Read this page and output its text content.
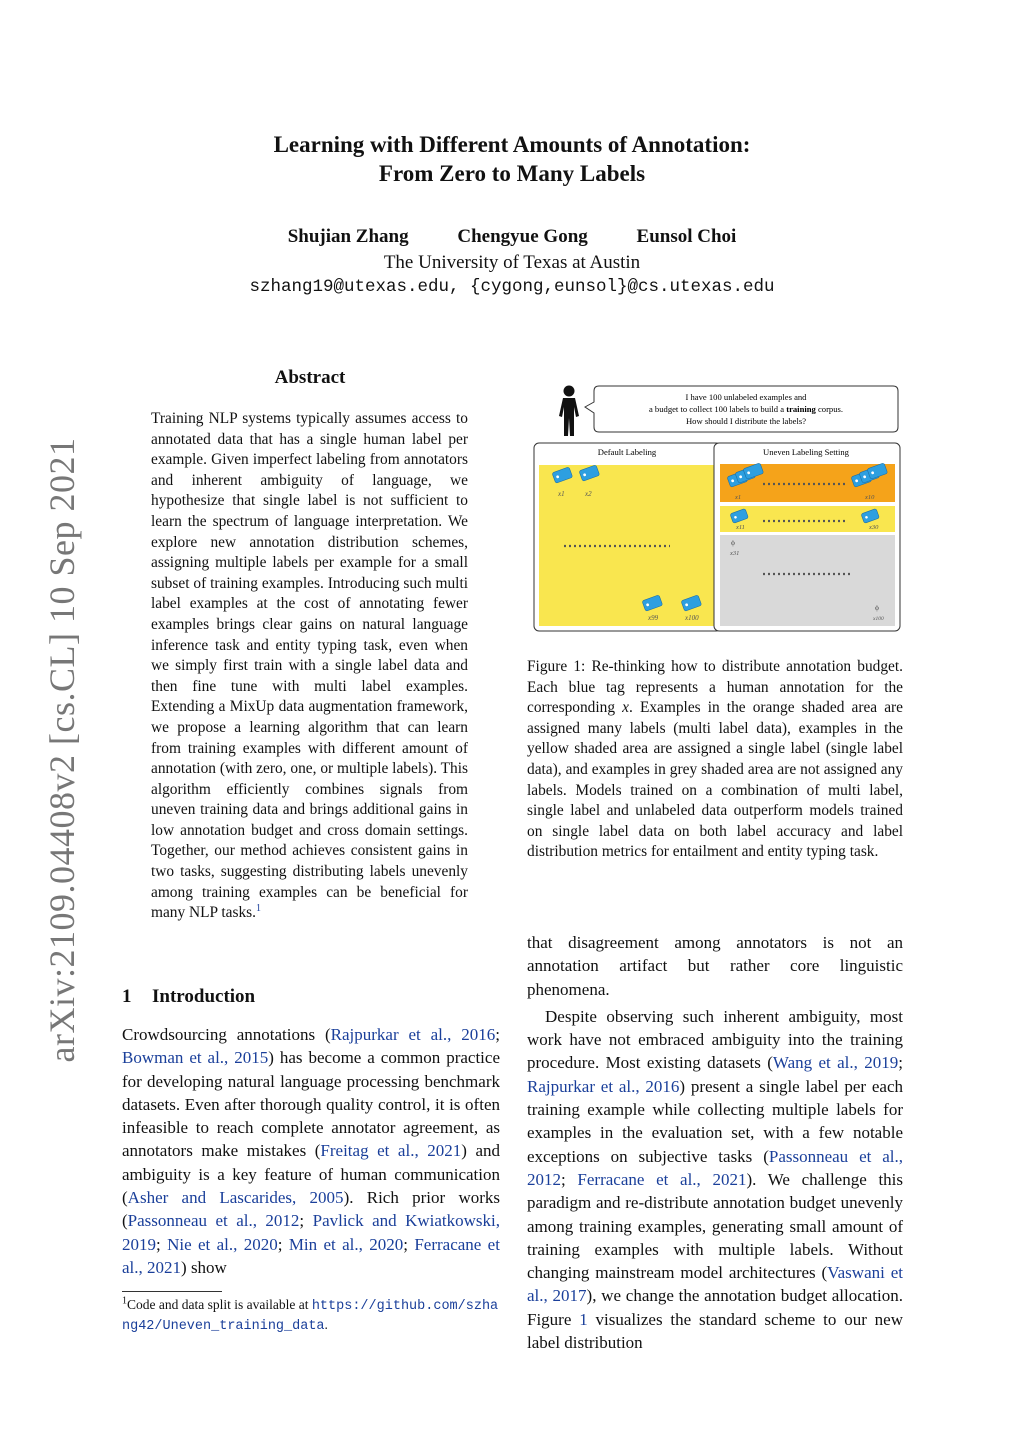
Learning with Different Amounts of Annotation:
From Zero to Many Labels
Shujian Zhang	Chengyue Gong	Eunsol Choi
The University of Texas at Austin
szhang19@utexas.edu, {cygong,eunsol}@cs.utexas.edu
arXiv:2109.04408v2 [cs.CL] 10 Sep 2021
Abstract
Training NLP systems typically assumes access to annotated data that has a single human label per example. Given imperfect labeling from annotators and inherent ambiguity of language, we hypothesize that single label is not sufficient to learn the spectrum of language interpretation. We explore new annotation distribution schemes, assigning multiple labels per example for a small subset of training examples. Introducing such multi label examples at the cost of annotating fewer examples brings clear gains on natural language inference task and entity typing task, even when we simply first train with a single label data and then fine tune with multi label examples. Extending a MixUp data augmentation framework, we propose a learning algorithm that can learn from training examples with different amount of annotation (with zero, one, or multiple labels). This algorithm efficiently combines signals from uneven training data and brings additional gains in low annotation budget and cross domain settings. Together, our method achieves consistent gains in two tasks, suggesting distributing labels unevenly among training examples can be beneficial for many NLP tasks.$^1$
1 Introduction
Crowdsourcing annotations (Rajpurkar et al., 2016; Bowman et al., 2015) has become a common practice for developing natural language processing benchmark datasets. Even after thorough quality control, it is often infeasible to reach complete annotator agreement, as annotators make mistakes (Freitag et al., 2021) and ambiguity is a key feature of human communication (Asher and Lascarides, 2005). Rich prior works (Passonneau et al., 2012; Pavlick and Kwiatkowski, 2019; Nie et al., 2020; Min et al., 2020; Ferracane et al., 2021) show
$^1$Code and data split is available at https://github.com/szhang42/Uneven_training_data.
I have 100 unlabeled examples and
a budget to collect 100 labels to build a training corpus.
How should I distribute the labels?
Default Labeling
x1	x2
x99	x100
Uneven Labeling Setting
x1	x10
x11	x30
ϕ
x31
ϕ
x100
Figure 1: Re-thinking how to distribute annotation budget. Each blue tag represents a human annotation for the corresponding x. Examples in the orange shaded area are assigned many labels (multi label data), examples in the yellow shaded area are assigned a single label (single label data), and examples in grey shaded area are not assigned any labels. Models trained on a combination of multi label, single label and unlabeled data outperform models trained on single label data on both label accuracy and label distribution metrics for entailment and entity typing task.

that disagreement among annotators is not an annotation artifact but rather core linguistic phenomena.

Despite observing such inherent ambiguity, most work have not embraced ambiguity into the training procedure. Most existing datasets (Wang et al., 2019; Rajpurkar et al., 2016) present a single label per each training example while collecting multiple labels for examples in the evaluation set, with a few notable exceptions on subjective tasks (Passonneau et al., 2012; Ferracane et al., 2021). We challenge this paradigm and re-distribute annotation budget unevenly among training examples, generating small amount of training examples with multiple labels. Without changing mainstream model architectures (Vaswani et al., 2017), we change the annotation budget allocation. Figure 1 visualizes the standard scheme to our new label distribution
